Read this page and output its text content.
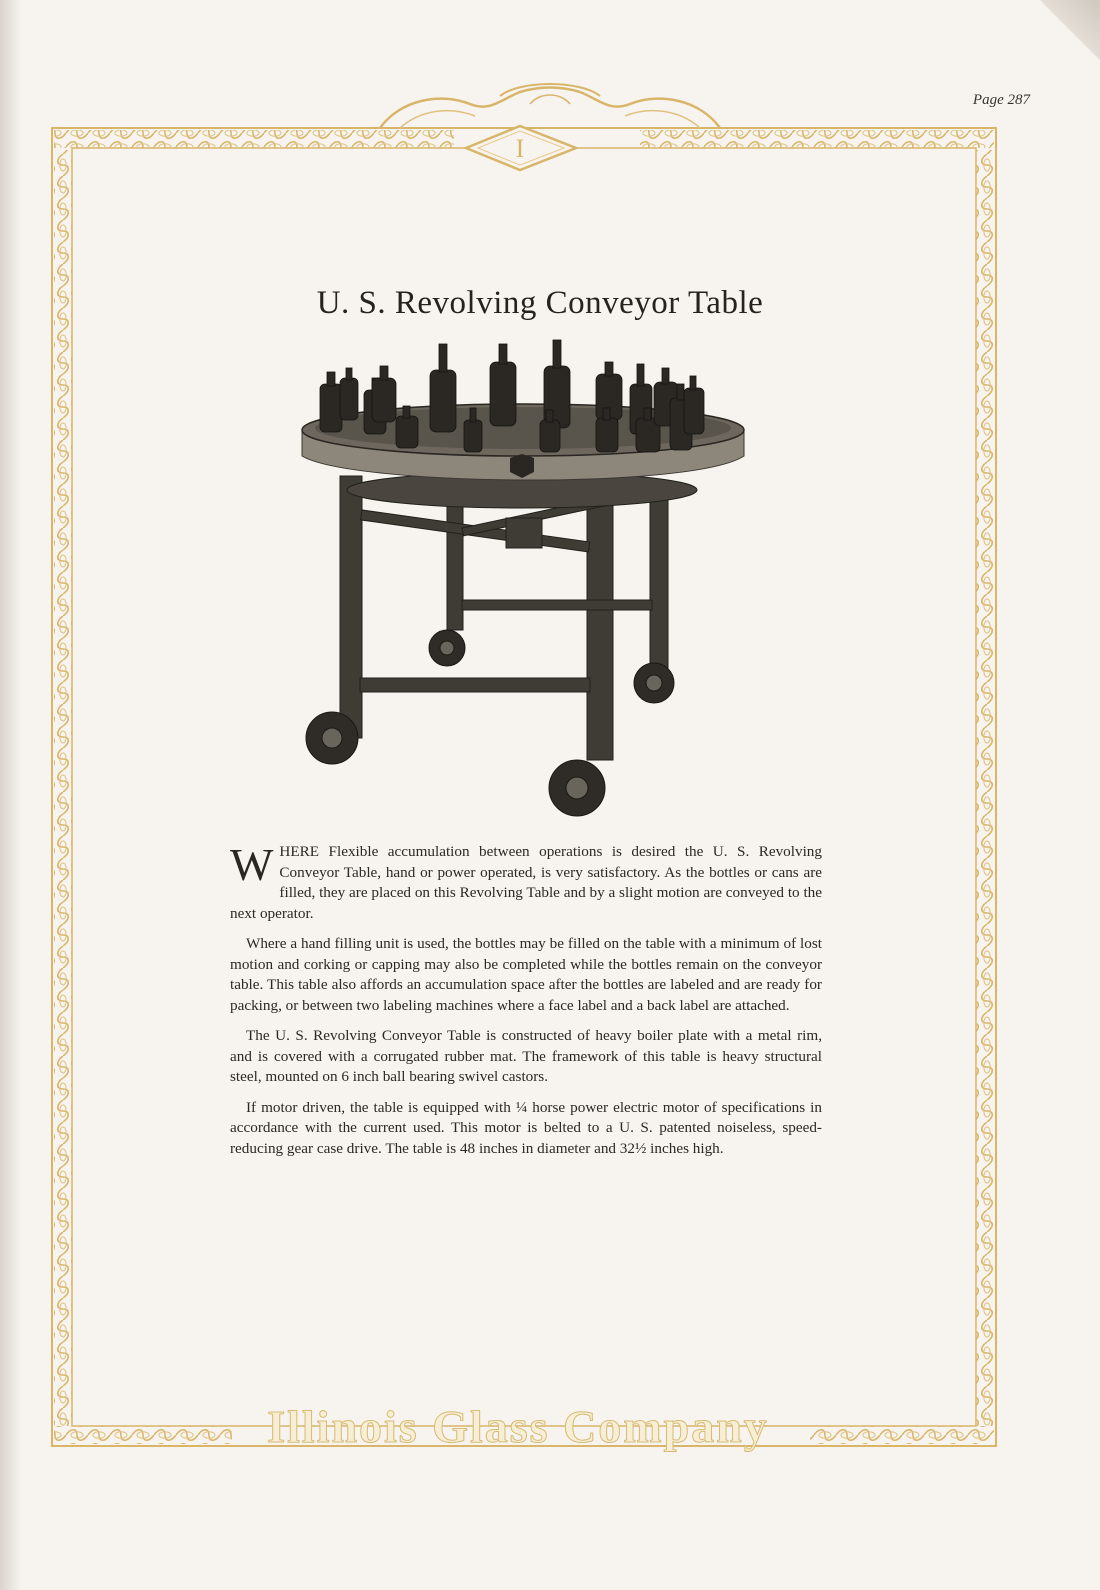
I
Page 287
U. S. Revolving Conveyor Table

WHERE Flexible accumulation between operations is desired the U. S. Revolving Conveyor Table, hand or power operated, is very satisfactory. As the bottles or cans are filled, they are placed on this Revolving Table and by a slight motion are conveyed to the next operator.

Where a hand filling unit is used, the bottles may be filled on the table with a minimum of lost motion and corking or capping may also be completed while the bottles remain on the conveyor table. This table also affords an accumulation space after the bottles are labeled and are ready for packing, or between two labeling machines where a face label and a back label are attached.

The U. S. Revolving Conveyor Table is constructed of heavy boiler plate with a metal rim, and is covered with a corrugated rubber mat. The framework of this table is heavy structural steel, mounted on 6 inch ball bearing swivel castors.

If motor driven, the table is equipped with ¼ horse power electric motor of specifications in accordance with the current used. This motor is belted to a U. S. patented noiseless, speed-reducing gear case drive. The table is 48 inches in diameter and 32½ inches high.

Illinois Glass Company
